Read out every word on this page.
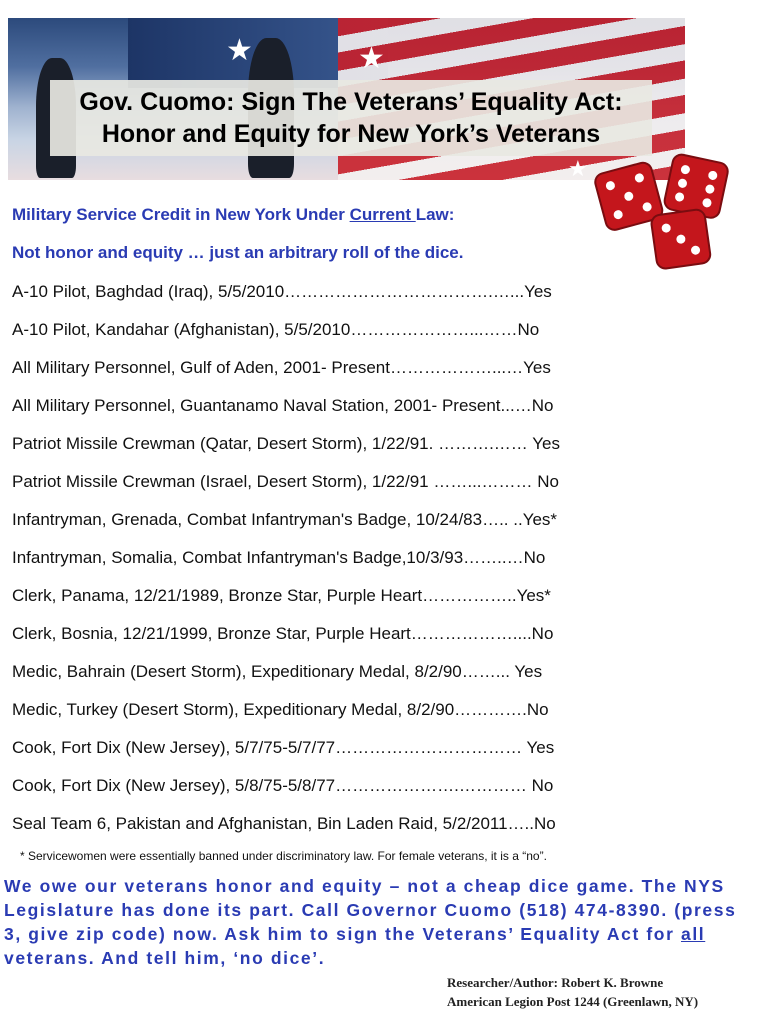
★	★
★
Gov. Cuomo: Sign The Veterans’ Equality Act:
Honor and Equity for New York’s Veterans
Military Service Credit in New York Under Current Law:
Not honor and equity … just an arbitrary roll of the dice.
A-10 Pilot, Baghdad (Iraq), 5/5/2010……………………………….…...Yes
A-10 Pilot, Kandahar (Afghanistan), 5/5/2010…………………...……No
All Military Personnel, Gulf of Aden, 2001- Present………………...…Yes
All Military Personnel, Guantanamo Naval Station, 2001- Present...…No
Patriot Missile Crewman (Qatar, Desert Storm), 1/22/91. ……….…… Yes
Patriot Missile Crewman (Israel, Desert Storm), 1/22/91 ……...……… No
Infantryman, Grenada, Combat Infantryman's Badge, 10/24/83….. ..Yes*
Infantryman, Somalia, Combat Infantryman's Badge,10/3/93……..…No
Clerk, Panama, 12/21/1989, Bronze Star, Purple Heart……………..Yes*
Clerk, Bosnia, 12/21/1999, Bronze Star, Purple Heart………………....No
Medic, Bahrain (Desert Storm), Expeditionary Medal, 8/2/90……... Yes
Medic, Turkey (Desert Storm), Expeditionary Medal, 8/2/90………….No
Cook, Fort Dix (New Jersey), 5/7/75-5/7/77…………………………… Yes
Cook, Fort Dix (New Jersey), 5/8/75-5/8/77………………….………… No
Seal Team 6, Pakistan and Afghanistan, Bin Laden Raid, 5/2/2011…..No
* Servicewomen were essentially banned under discriminatory law. For female veterans, it is a “no”.
We owe our veterans honor and equity – not a cheap dice game. The NYS Legislature has done its part. Call Governor Cuomo (518) 474-8390. (press 3, give zip code) now. Ask him to sign the Veterans’ Equality Act for all veterans. And tell him, ‘no dice’.
Researcher/Author: Robert K. Browne
American Legion Post 1244 (Greenlawn, NY)
